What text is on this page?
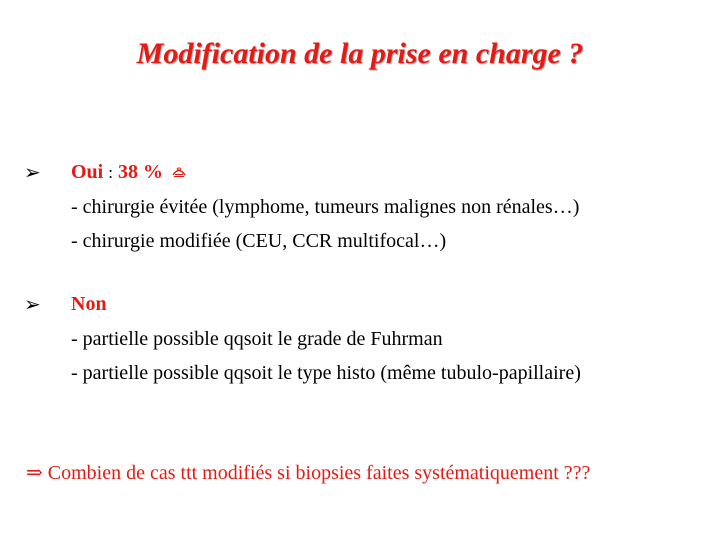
Modification de la prise en charge ?
➢ Oui : 38 %
- chirurgie évitée (lymphome, tumeurs malignes non rénales…)
- chirurgie modifiée (CEU, CCR multifocal…)
➢ Non
- partielle possible qqsoit le grade de Fuhrman
- partielle possible qqsoit le type histo (même tubulo-papillaire)
⇒ Combien de cas ttt modifiés si biopsies faites systématiquement ???
